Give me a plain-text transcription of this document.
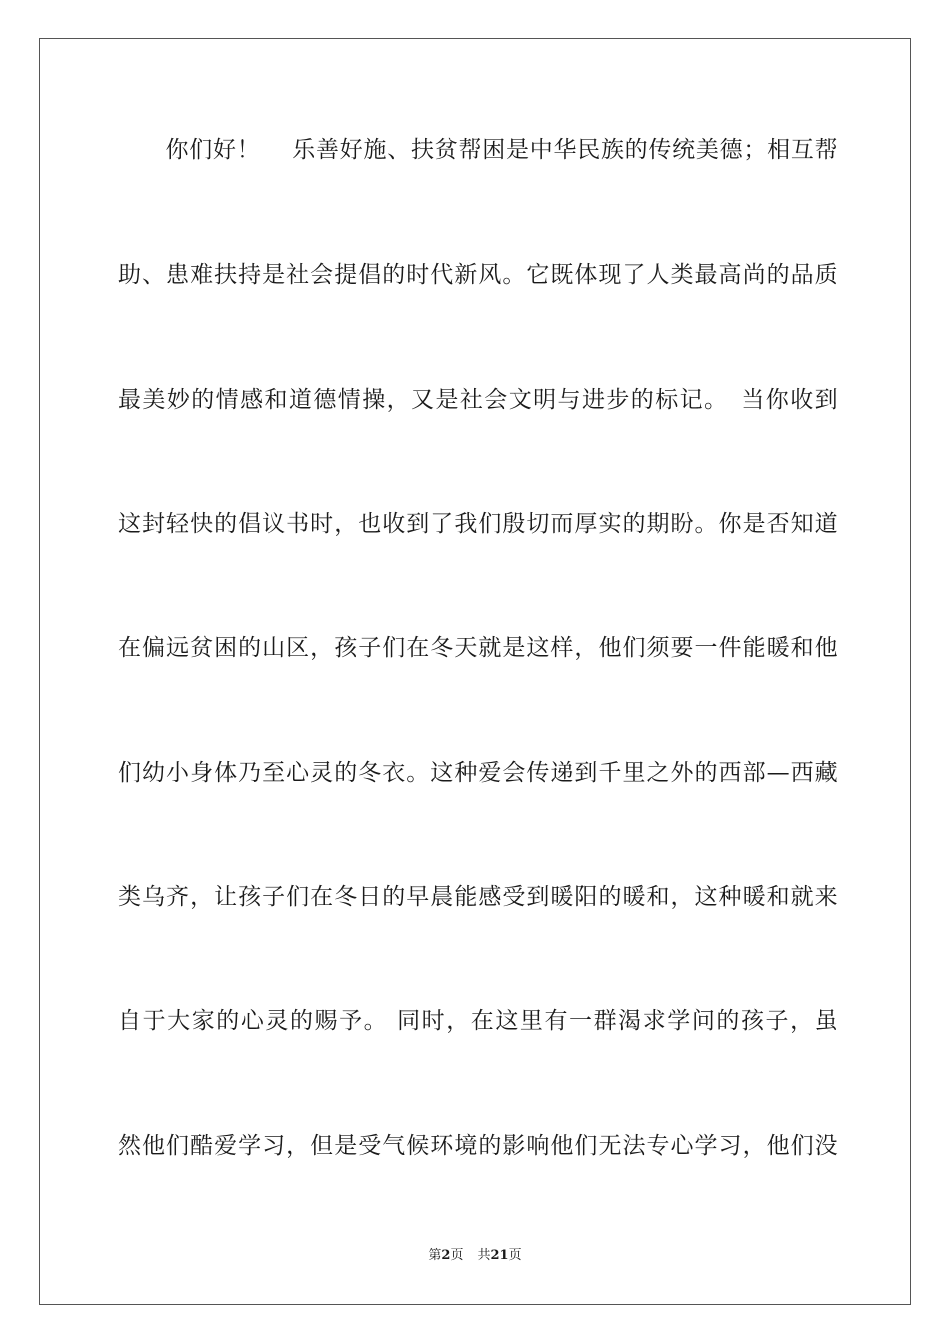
　　你们好！　 乐善好施、扶贫帮困是中华民族的传统美德；相互帮
助、患难扶持是社会提倡的时代新风。它既体现了人类最高尚的品质
最美妙的情感和道德情操，又是社会文明与进步的标记。　当你收到
这封轻快的倡议书时，也收到了我们殷切而厚实的期盼。你是否知道
在偏远贫困的山区，孩子们在冬天就是这样，他们须要一件能暖和他
们幼小身体乃至心灵的冬衣。这种爱会传递到千里之外的西部—西藏
类乌齐，让孩子们在冬日的早晨能感受到暖阳的暖和，这种暖和就来
自于大家的心灵的赐予。 同时，在这里有一群渴求学问的孩子，虽
然他们酷爱学习，但是受气候环境的影响他们无法专心学习，他们没
第2页 共21页
